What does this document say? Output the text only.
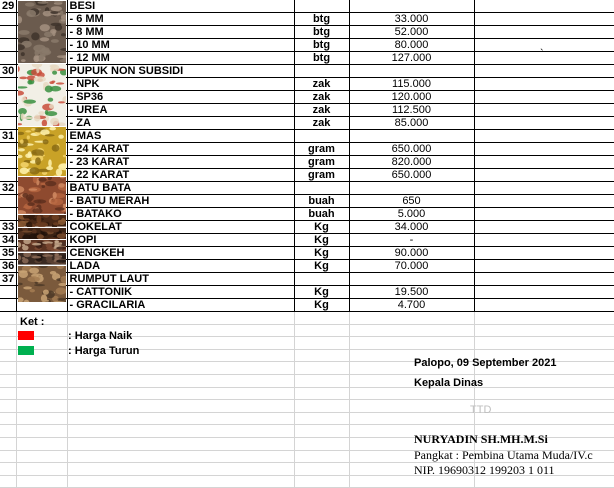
29		BESI			
		- 6 MM	btg	33.000	
		- 8 MM	btg	52.000	
		- 10 MM	btg	80.000	
		- 12 MM	btg	127.000	
30		PUPUK NON SUBSIDI			
		- NPK	zak	115.000	
		- SP36	zak	120.000	
		- UREA	zak	112.500	
		- ZA	zak	85.000	
31		EMAS			
		- 24 KARAT	gram	650.000	
		- 23 KARAT	gram	820.000	
		- 22 KARAT	gram	650.000	
32		BATU BATA			
		- BATU MERAH	buah	650	
		- BATAKO	buah	5.000	
33		COKELAT	Kg	34.000	
34		KOPI	Kg	-	
35		CENGKEH	Kg	90.000	
36		LADA	Kg	70.000	
37		RUMPUT LAUT			
		- CATTONIK	Kg	19.500	
		- GRACILARIA	Kg	4.700	

`
Ket :
: Harga Naik
: Harga Turun
Palopo, 09 September 2021
Kepala Dinas
TTD
NURYADIN SH.MH.M.Si
Pangkat : Pembina Utama Muda/IV.c
NIP. 19690312 199203 1 011
